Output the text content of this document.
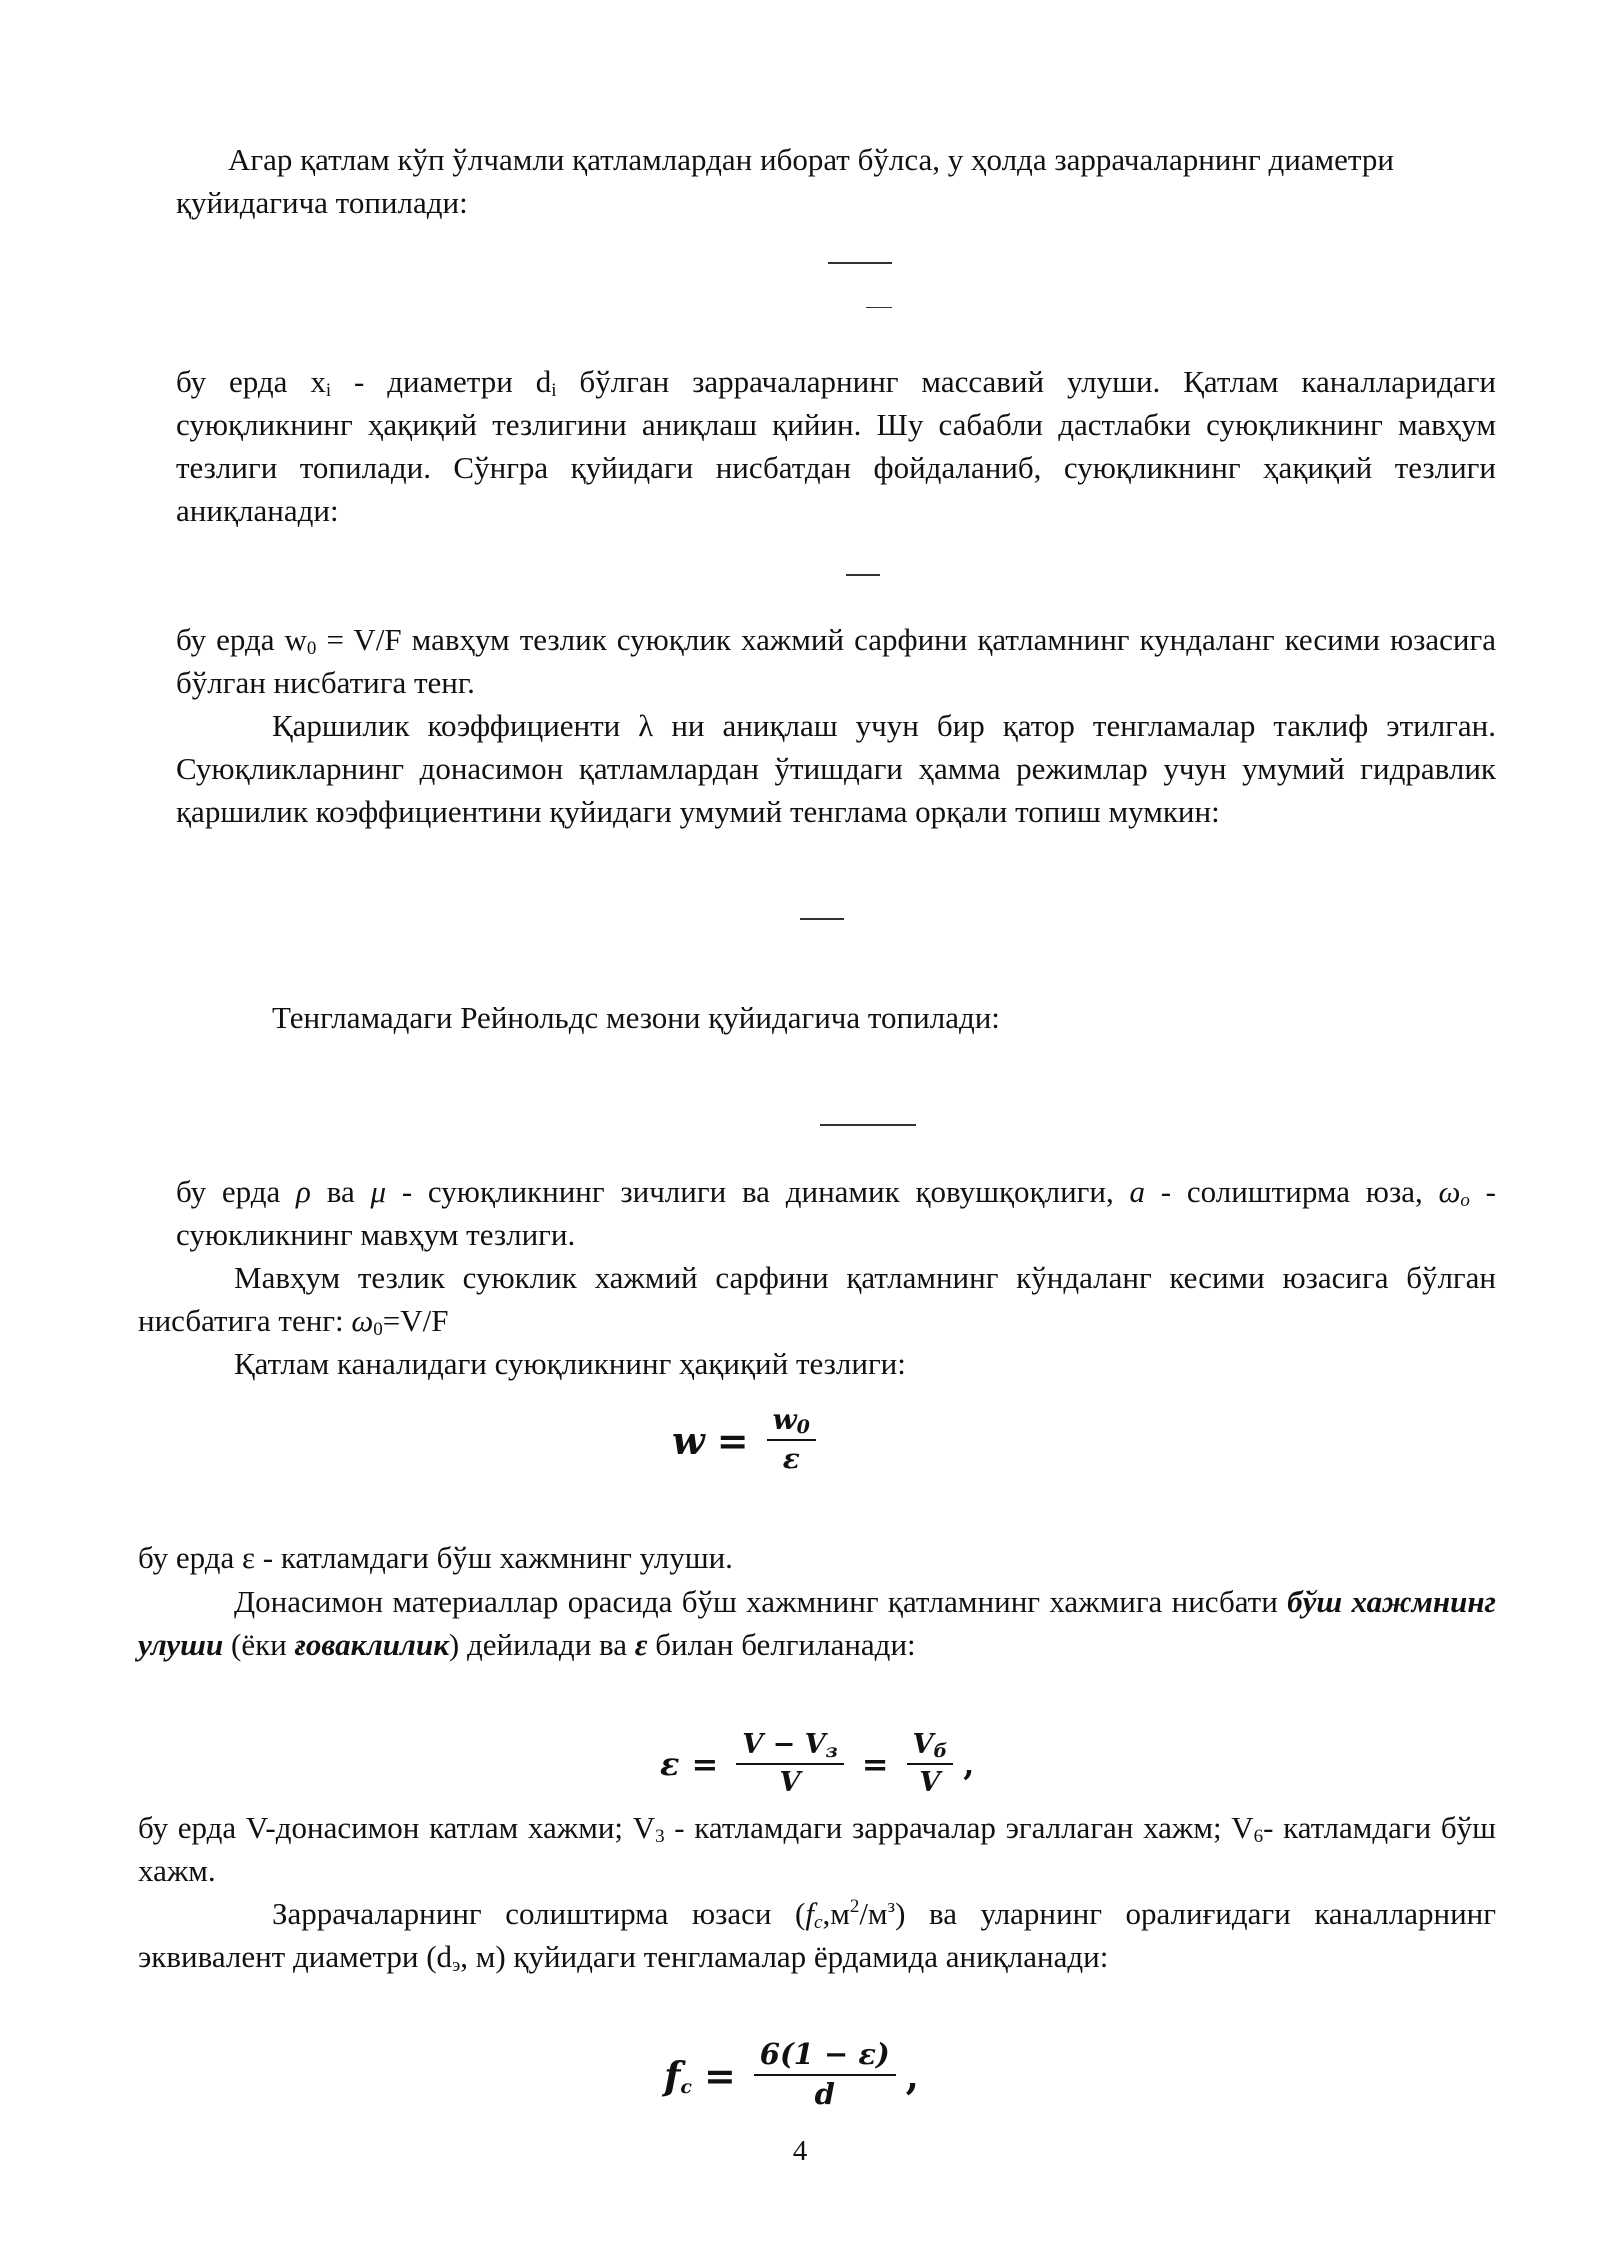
Агар қатлам кўп ўлчамли қатламлардан иборат бўлса, у ҳолда заррачаларнинг диаметри қуйидагича топилади:

бу ерда $x_i$ - диаметри $d_i$ бўлган заррачаларнинг массавий улуши. Қатлам каналларидаги суюқликнинг ҳақиқий тезлигини аниқлаш қийин. Шу сабабли дастлабки суюқликнинг мавҳум тезлиги топилади. Сўнгра қуйидаги нисбатдан фойдаланиб, суюқликнинг ҳақиқий тезлиги аниқланади:

бу ерда $w_0 = V/F$ мавҳум тезлик суюқлик хажмий сарфини қатламнинг кундаланг кесими юзасига бўлган нисбатига тенг.

Қаршилик коэффициенти λ ни аниқлаш учун бир қатор тенгламалар таклиф этилган. Суюқликларнинг донасимон қатламлардан ўтишдаги ҳамма режимлар учун умумий гидравлик қаршилик коэффициентини қуйидаги умумий тенглама орқали топиш мумкин:

Тенгламадаги Рейнольдс мезони қуйидагича топилади:

бу ерда ρ ва μ - суюқликнинг зичлиги ва динамик қовушқоқлиги, a - солиштирма юза, $\omega_o$ - суюкликнинг мавҳум тезлиги.

Мавҳум тезлик суюклик хажмий сарфини қатламнинг кўндаланг кесими юзасига бўлган нисбатига тенг: $\omega_0=V/F$

Қатлам каналидаги суюқликнинг ҳақиқий тезлиги:

$w = \frac{w_0}{\varepsilon}$

бу ерда ε - катламдаги бўш хажмнинг улуши.

Донасимон материаллар орасида бўш хажмнинг қатламнинг хажмига нисбати бўш хажмнинг улуши (ёки ғоваклилик) дейилади ва ε билан белгиланади:

$\varepsilon = \frac{V - V_з}{V} = \frac{V_б}{V}$ ,

бу ерда V-донасимон катлам хажми; $V_3$ - катламдаги заррачалар эгаллаган хажм; $V_6-$ катламдаги бўш хажм.

Заррачаларнинг солиштирма юзаси $(f_c,м^2/м^з)$ ва уларнинг оралиғидаги каналларнинг эквивалент диаметри ($d_э$, м) қуйидаги тенгламалар ёрдамида аниқланади:

$f_c = \frac{6(1 - \varepsilon)}{d}$ ,
4
